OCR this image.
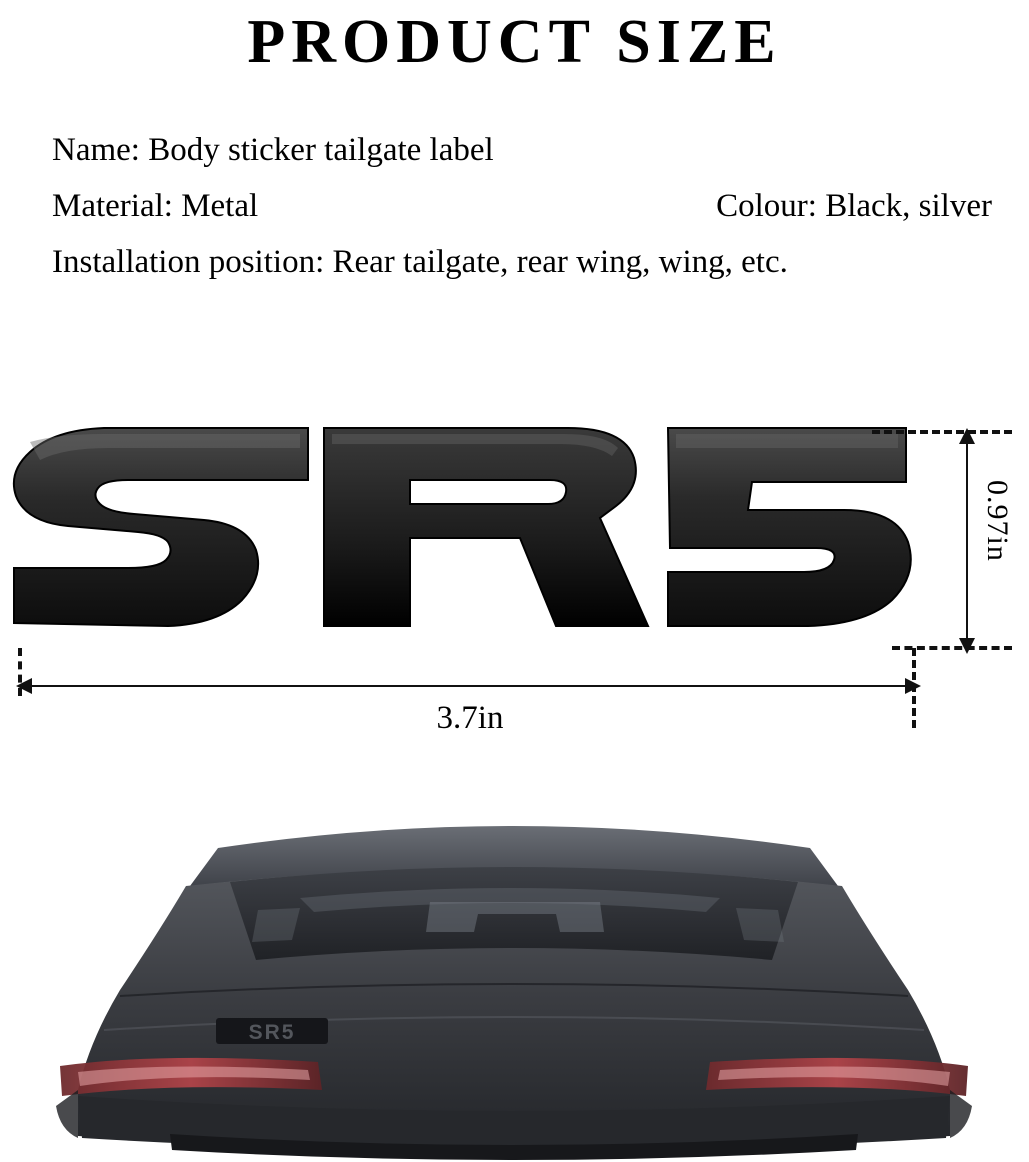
PRODUCT SIZE
Name: Body sticker tailgate label
Material: Metal	Colour: Black, silver
Installation position: Rear tailgate, rear wing, wing, etc.
0.97in
3.7in
SR5
